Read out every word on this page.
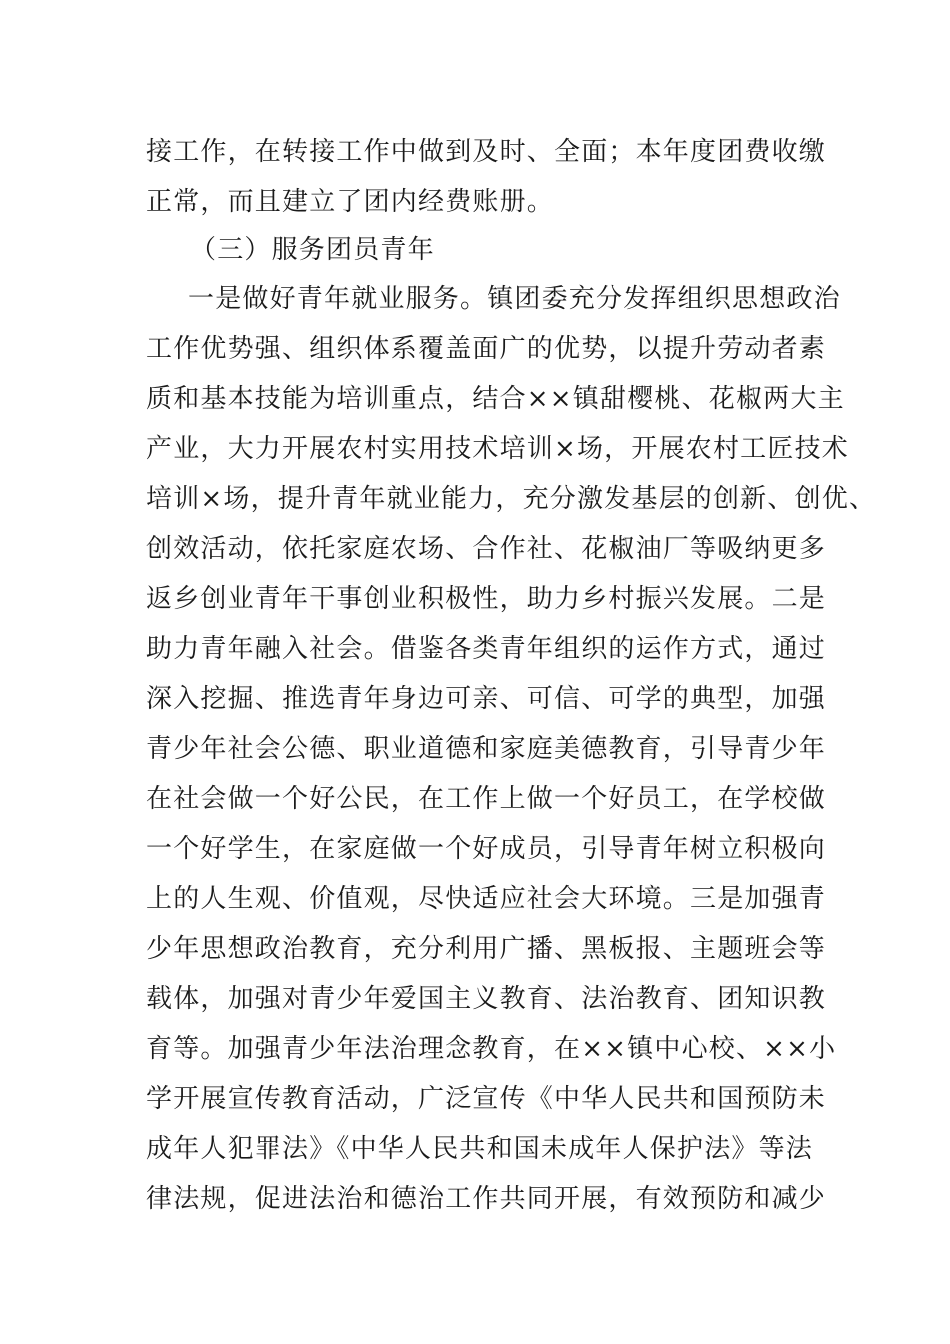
接工作，在转接工作中做到及时、全面；本年度团费收缴
正常，而且建立了团内经费账册。
（三）服务团员青年
一是做好青年就业服务。镇团委充分发挥组织思想政治
工作优势强、组织体系覆盖面广的优势，以提升劳动者素
质和基本技能为培训重点，结合××镇甜樱桃、花椒两大主
产业，大力开展农村实用技术培训×场，开展农村工匠技术
培训×场，提升青年就业能力，充分激发基层的创新、创优、
创效活动，依托家庭农场、合作社、花椒油厂等吸纳更多
返乡创业青年干事创业积极性，助力乡村振兴发展。二是
助力青年融入社会。借鉴各类青年组织的运作方式，通过
深入挖掘、推选青年身边可亲、可信、可学的典型，加强
青少年社会公德、职业道德和家庭美德教育，引导青少年
在社会做一个好公民，在工作上做一个好员工，在学校做
一个好学生，在家庭做一个好成员，引导青年树立积极向
上的人生观、价值观，尽快适应社会大环境。三是加强青
少年思想政治教育，充分利用广播、黑板报、主题班会等
载体，加强对青少年爱国主义教育、法治教育、团知识教
育等。加强青少年法治理念教育，在××镇中心校、××小
学开展宣传教育活动，广泛宣传《中华人民共和国预防未
成年人犯罪法》《中华人民共和国未成年人保护法》等法
律法规，促进法治和德治工作共同开展，有效预防和减少
